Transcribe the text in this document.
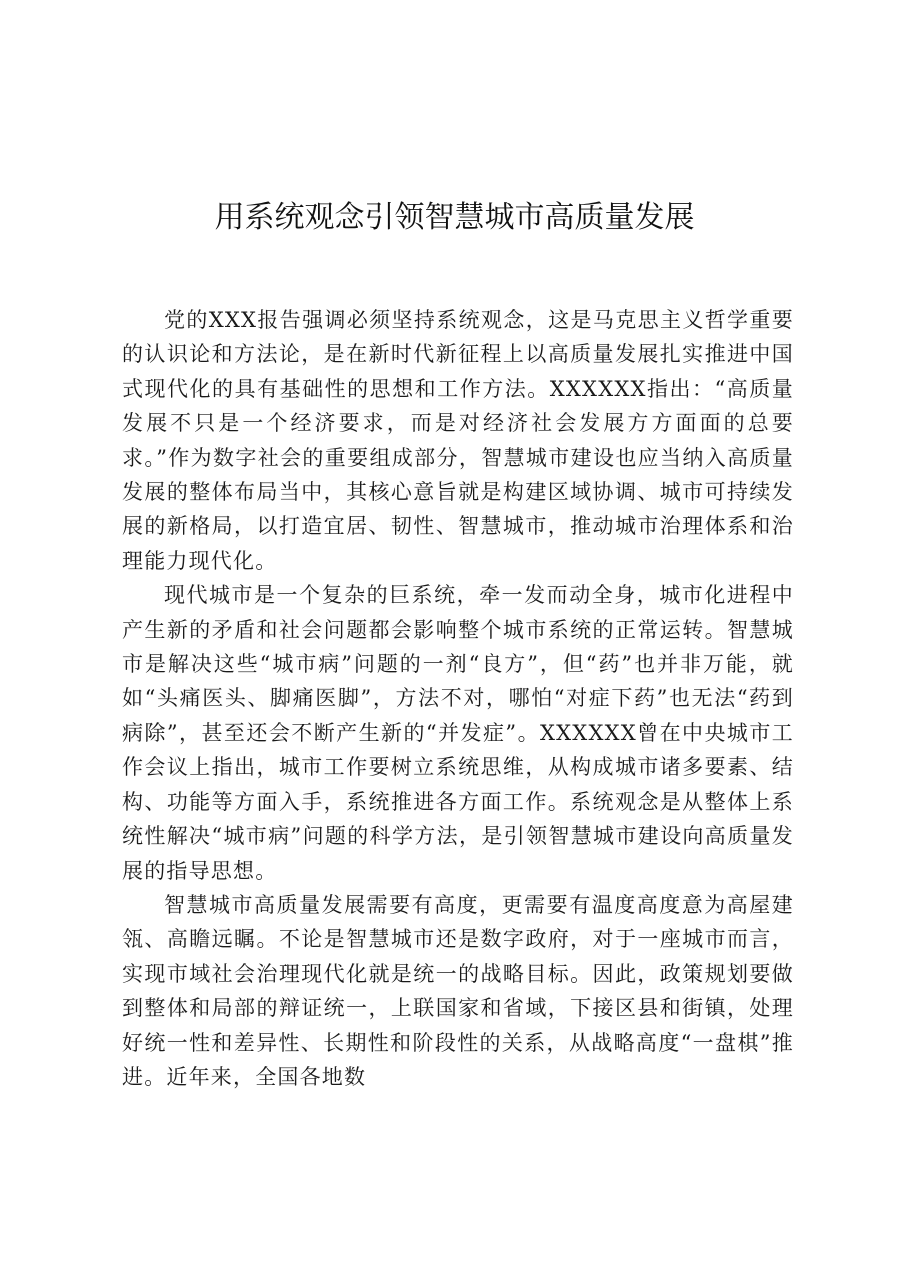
用系统观念引领智慧城市高质量发展

党的XXX报告强调必须坚持系统观念，这是马克思主义哲学重要的认识论和方法论，是在新时代新征程上以高质量发展扎实推进中国式现代化的具有基础性的思想和工作方法。XXXXXX指出：“高质量发展不只是一个经济要求，而是对经济社会发展方方面面的总要求。”作为数字社会的重要组成部分，智慧城市建设也应当纳入高质量发展的整体布局当中，其核心意旨就是构建区域协调、城市可持续发展的新格局，以打造宜居、韧性、智慧城市，推动城市治理体系和治理能力现代化。

现代城市是一个复杂的巨系统，牵一发而动全身，城市化进程中产生新的矛盾和社会问题都会影响整个城市系统的正常运转。智慧城市是解决这些“城市病”问题的一剂“良方”，但“药”也并非万能，就如“头痛医头、脚痛医脚”，方法不对，哪怕“对症下药”也无法“药到病除”，甚至还会不断产生新的“并发症”。XXXXXX曾在中央城市工作会议上指出，城市工作要树立系统思维，从构成城市诸多要素、结构、功能等方面入手，系统推进各方面工作。系统观念是从整体上系统性解决“城市病”问题的科学方法，是引领智慧城市建设向高质量发展的指导思想。

智慧城市高质量发展需要有高度，更需要有温度高度意为高屋建瓴、高瞻远瞩。不论是智慧城市还是数字政府，对于一座城市而言，实现市域社会治理现代化就是统一的战略目标。因此，政策规划要做到整体和局部的辩证统一，上联国家和省域，下接区县和街镇，处理好统一性和差异性、长期性和阶段性的关系，从战略高度“一盘棋”推进。近年来，全国各地数
